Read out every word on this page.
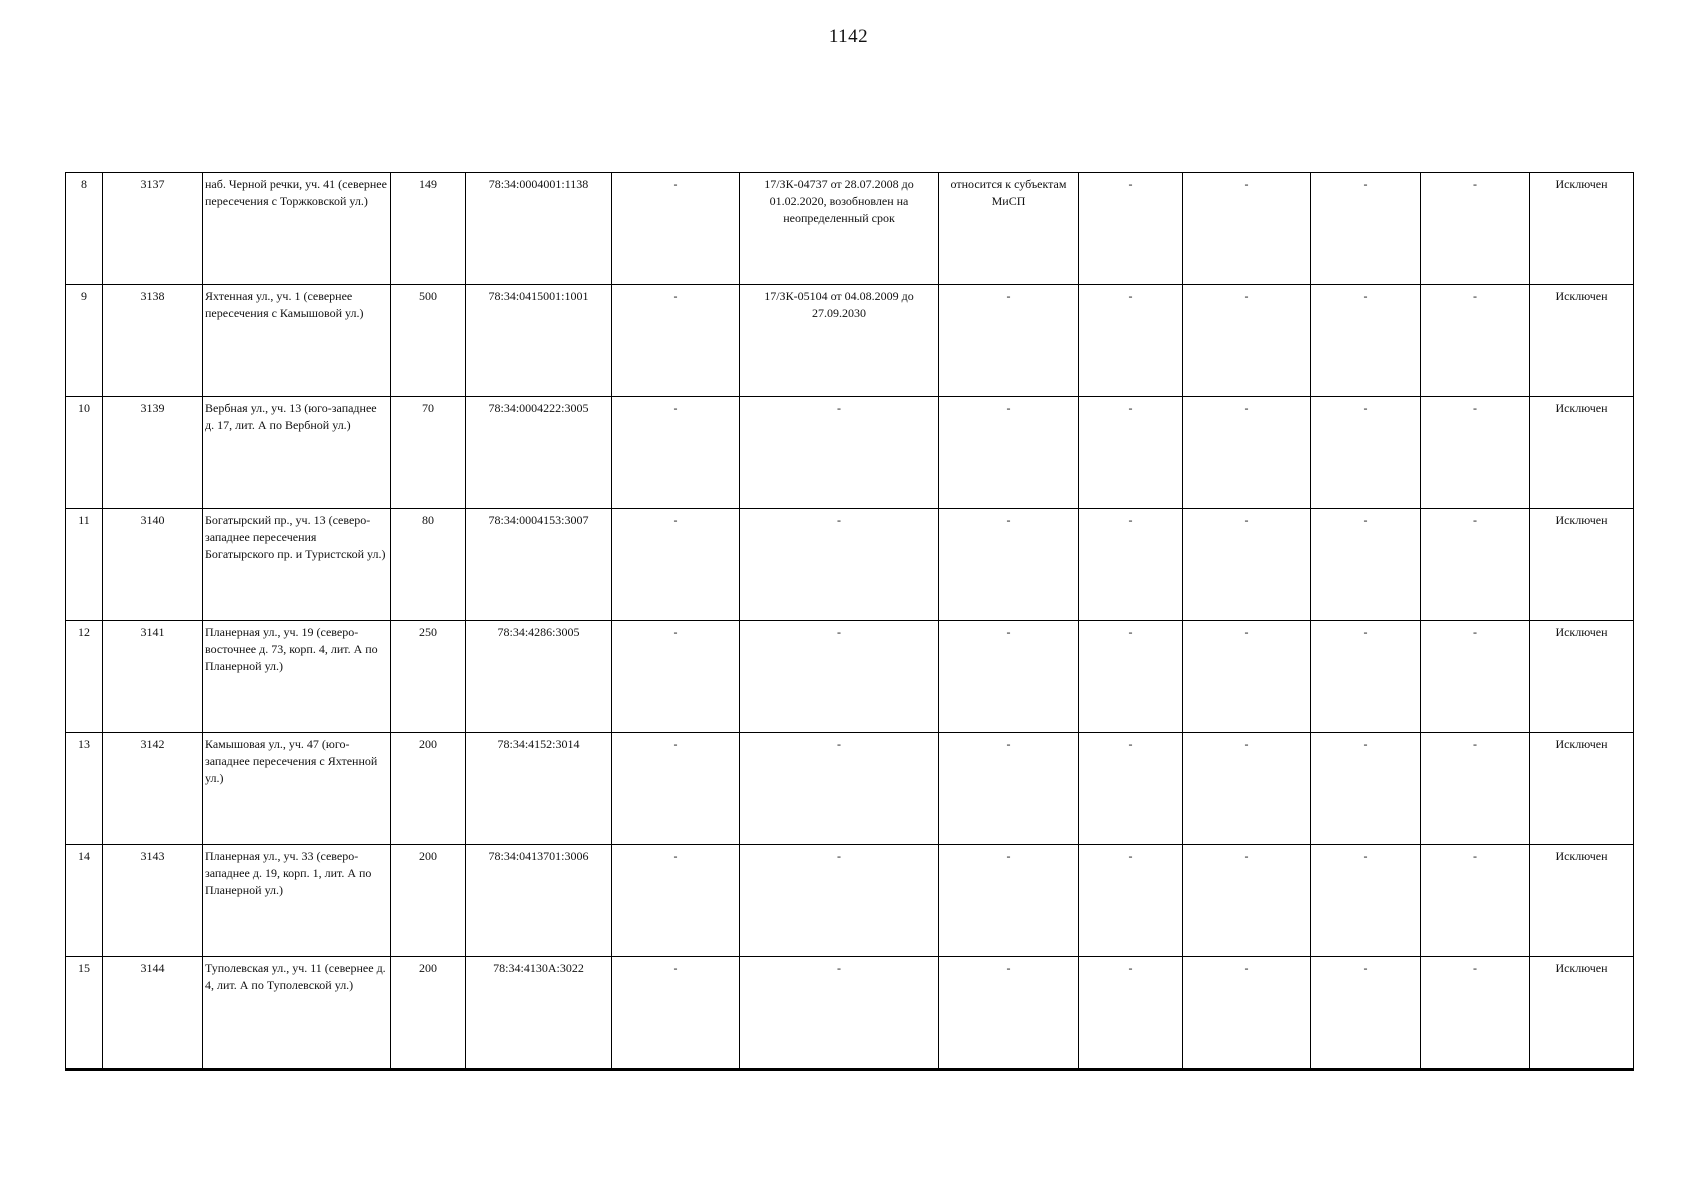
1142
8	3137	наб. Черной речки, уч. 41 (севернее пересечения с Торжковской ул.)	149	78:34:0004001:1138	-	17/ЗК-04737 от 28.07.2008 до 01.02.2020, возобновлен на неопределенный срок	относится к субъектам МиСП	-	-	-	-	Исключен
9	3138	Яхтенная ул., уч. 1 (севернее пересечения с Камышовой ул.)	500	78:34:0415001:1001	-	17/ЗК-05104 от 04.08.2009 до 27.09.2030	-	-	-	-	-	Исключен
10	3139	Вербная ул., уч. 13 (юго-западнее д. 17, лит. А по Вербной ул.)	70	78:34:0004222:3005	-	-	-	-	-	-	-	Исключен
11	3140	Богатырский пр., уч. 13 (северо-западнее пересечения Богатырского пр. и Туристской ул.)	80	78:34:0004153:3007	-	-	-	-	-	-	-	Исключен
12	3141	Планерная ул., уч. 19 (северо-восточнее д. 73, корп. 4, лит. А по Планерной ул.)	250	78:34:4286:3005	-	-	-	-	-	-	-	Исключен
13	3142	Камышовая ул., уч. 47 (юго-западнее пересечения с Яхтенной ул.)	200	78:34:4152:3014	-	-	-	-	-	-	-	Исключен
14	3143	Планерная ул., уч. 33 (северо-западнее д. 19, корп. 1, лит. А по Планерной ул.)	200	78:34:0413701:3006	-	-	-	-	-	-	-	Исключен
15	3144	Туполевская ул., уч. 11 (севернее д. 4, лит. А по Туполевской ул.)	200	78:34:4130А:3022	-	-	-	-	-	-	-	Исключен
